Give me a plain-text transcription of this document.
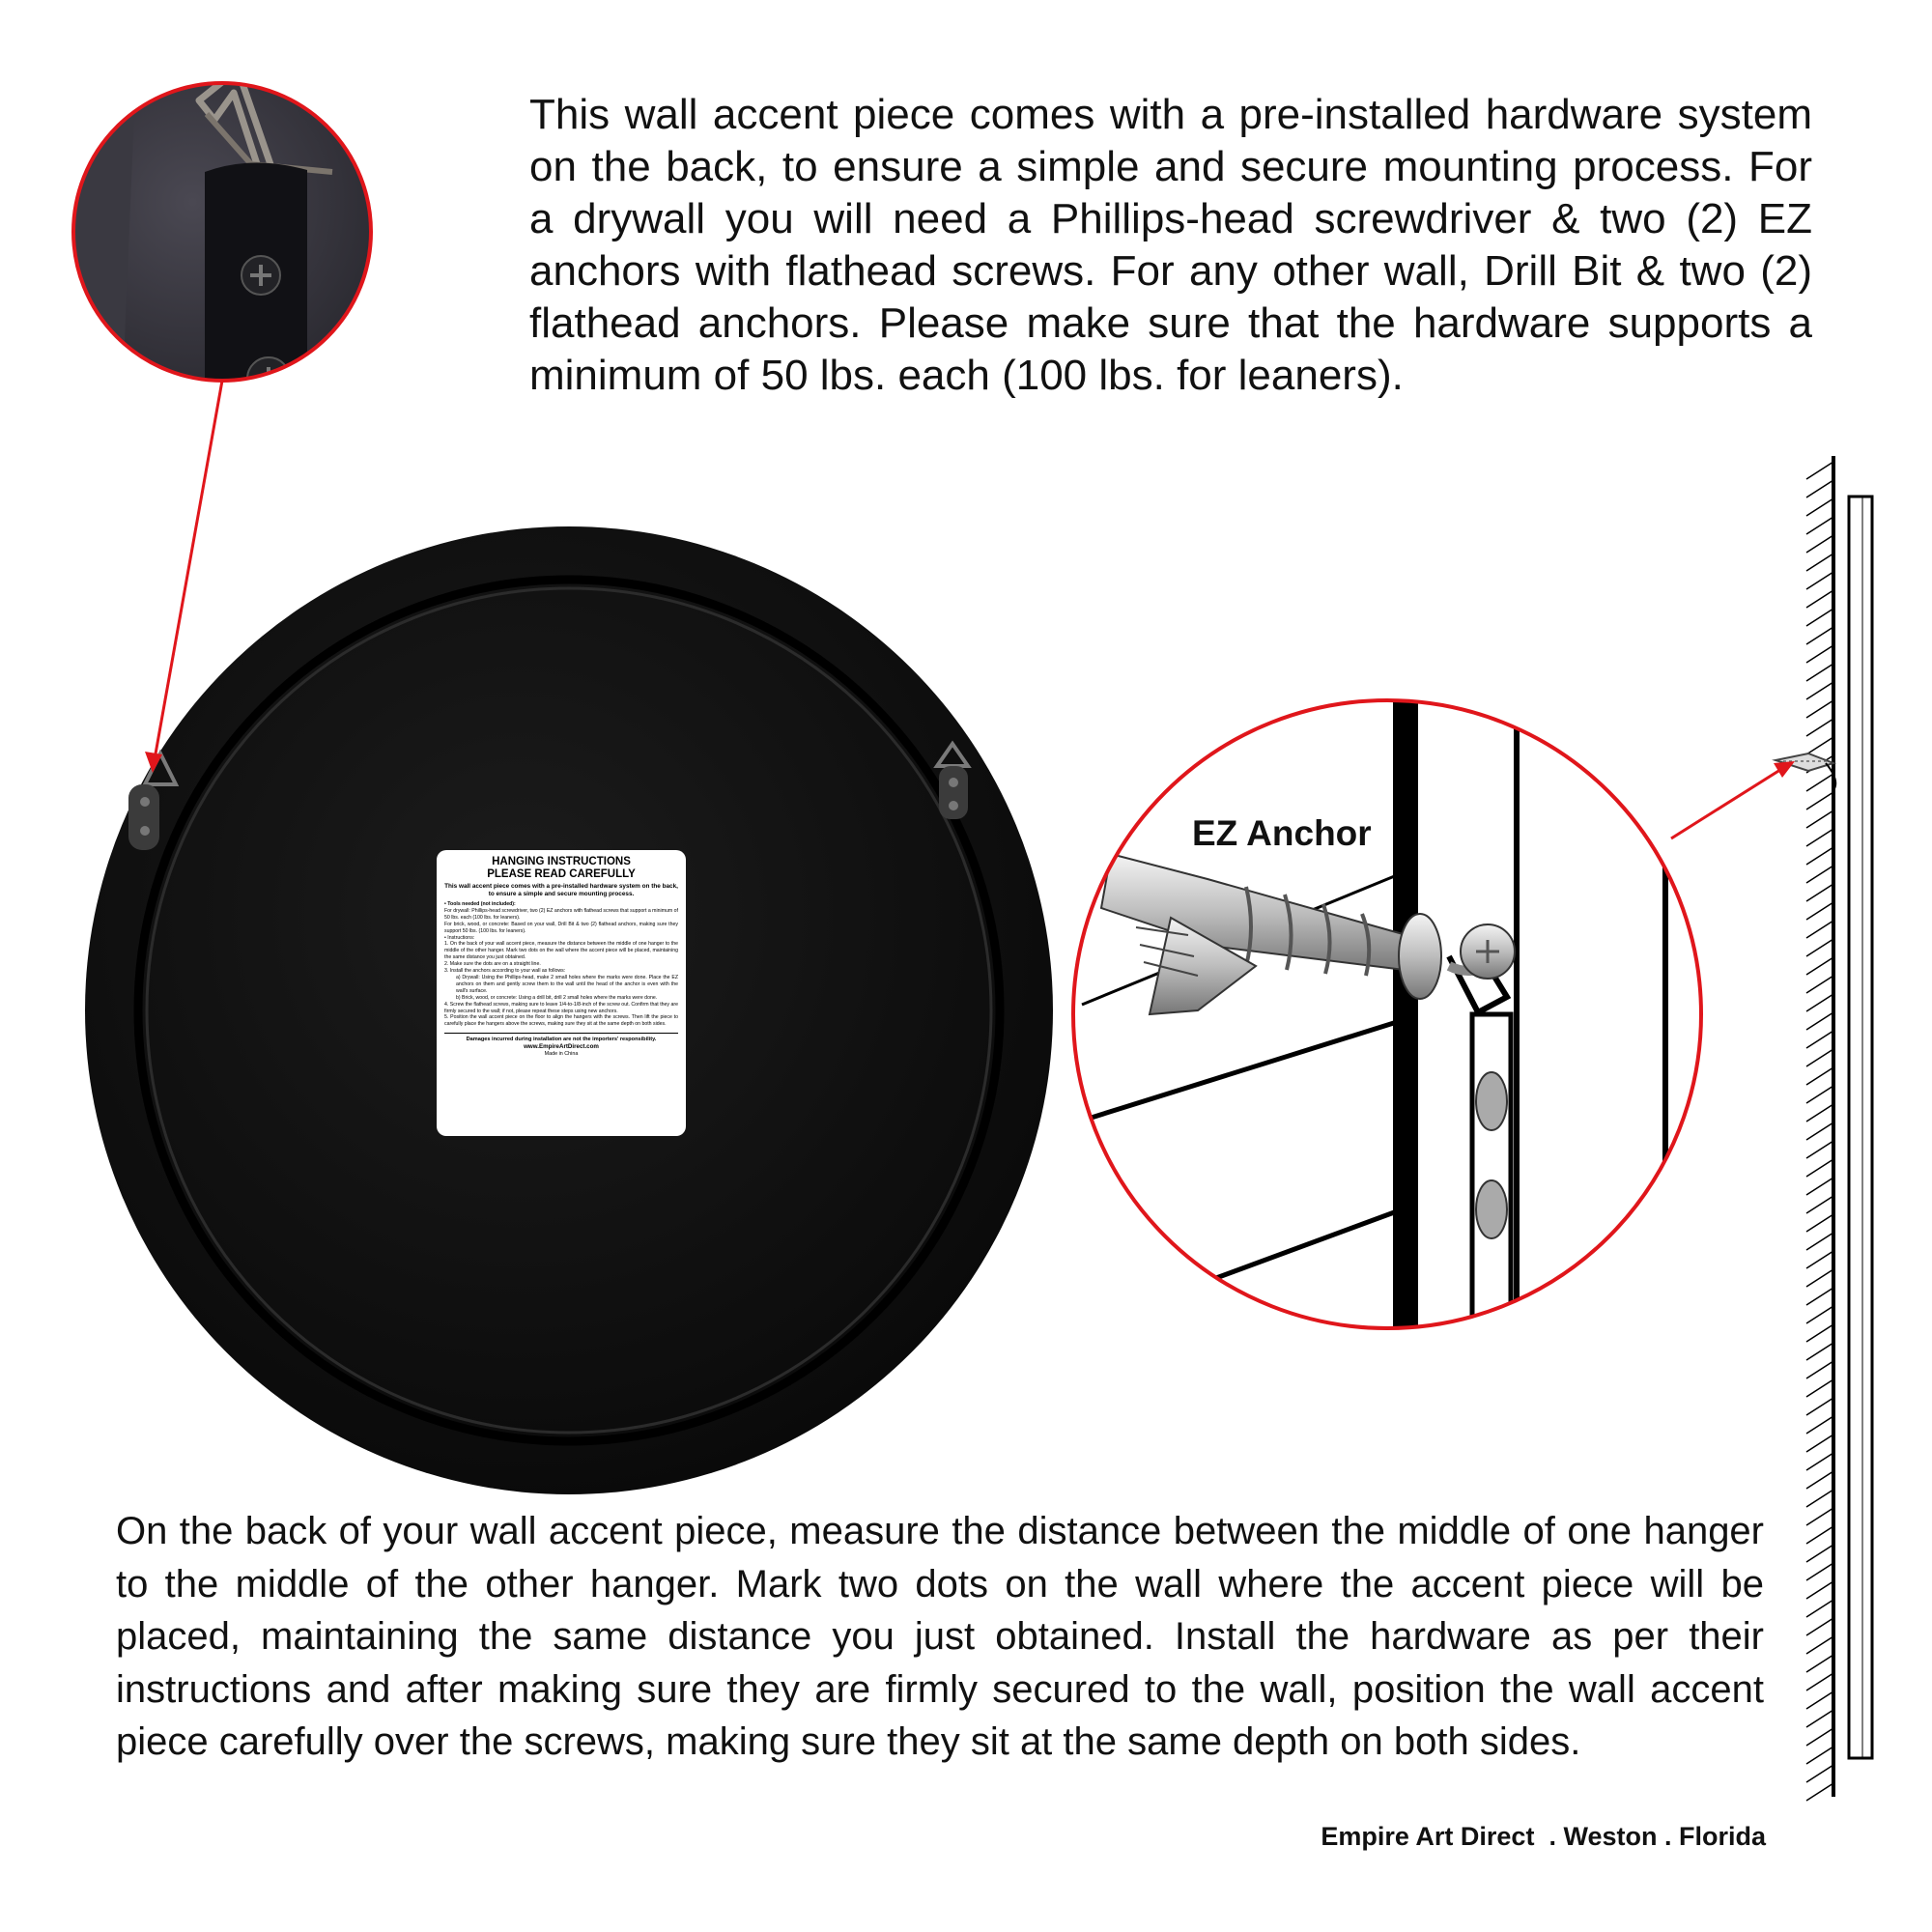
HANGING INSTRUCTIONS
PLEASE READ CAREFULLY
This wall accent piece comes with a pre-installed hardware system on the back, to ensure a simple and secure mounting process.

• Tools needed (not included):

For drywall: Phillips-head screwdriver, two (2) EZ anchors with flathead screws that support a minimum of 50 lbs. each (100 lbs. for leaners).

For brick, wood, or concrete: Based on your wall, Drill Bit & two (2) flathead anchors, making sure they support 50 lbs. (100 lbs. for leaners).

• Instructions:

1. On the back of your wall accent piece, measure the distance between the middle of one hanger to the middle of the other hanger. Mark two dots on the wall where the accent piece will be placed, maintaining the same distance you just obtained.

2. Make sure the dots are on a straight line.

3. Install the anchors according to your wall as follows:

a) Drywall: Using the Phillips-head, make 2 small holes where the marks were done. Place the EZ anchors on them and gently screw them to the wall until the head of the anchor is even with the wall's surface.

b) Brick, wood, or concrete: Using a drill bit, drill 2 small holes where the marks were done.

4. Screw the flathead screws, making sure to leave 1/4-to-1/8-inch of the screw out. Confirm that they are firmly secured to the wall; if not, please repeat these steps using new anchors.

5. Position the wall accent piece on the floor to align the hangers with the screws. Then lift the piece to carefully place the hangers above the screws, making sure they sit at the same depth on both sides.

Damages incurred during installation are not the importers' responsibility.
www.EmpireArtDirect.com
Made in China
EZ Anchor

This wall accent piece comes with a pre-installed hardware system on the back, to ensure a simple and secure mounting process. For a drywall you will need a Phillips-head screwdriver & two (2) EZ anchors with flathead screws. For any other wall, Drill Bit & two (2) flathead anchors. Please make sure that the hardware supports a minimum of 50 lbs. each (100 lbs. for leaners).

On the back of your wall accent piece, measure the distance between the middle of one hanger to the middle of the other hanger. Mark two dots on the wall where the accent piece will be placed, maintaining the same distance you just obtained. Install the hardware as per their instructions and after making sure they are firmly secured to the wall, position the wall accent piece carefully over the screws, making sure they sit at the same depth on both sides.

Empire Art Direct  . Weston . Florida
